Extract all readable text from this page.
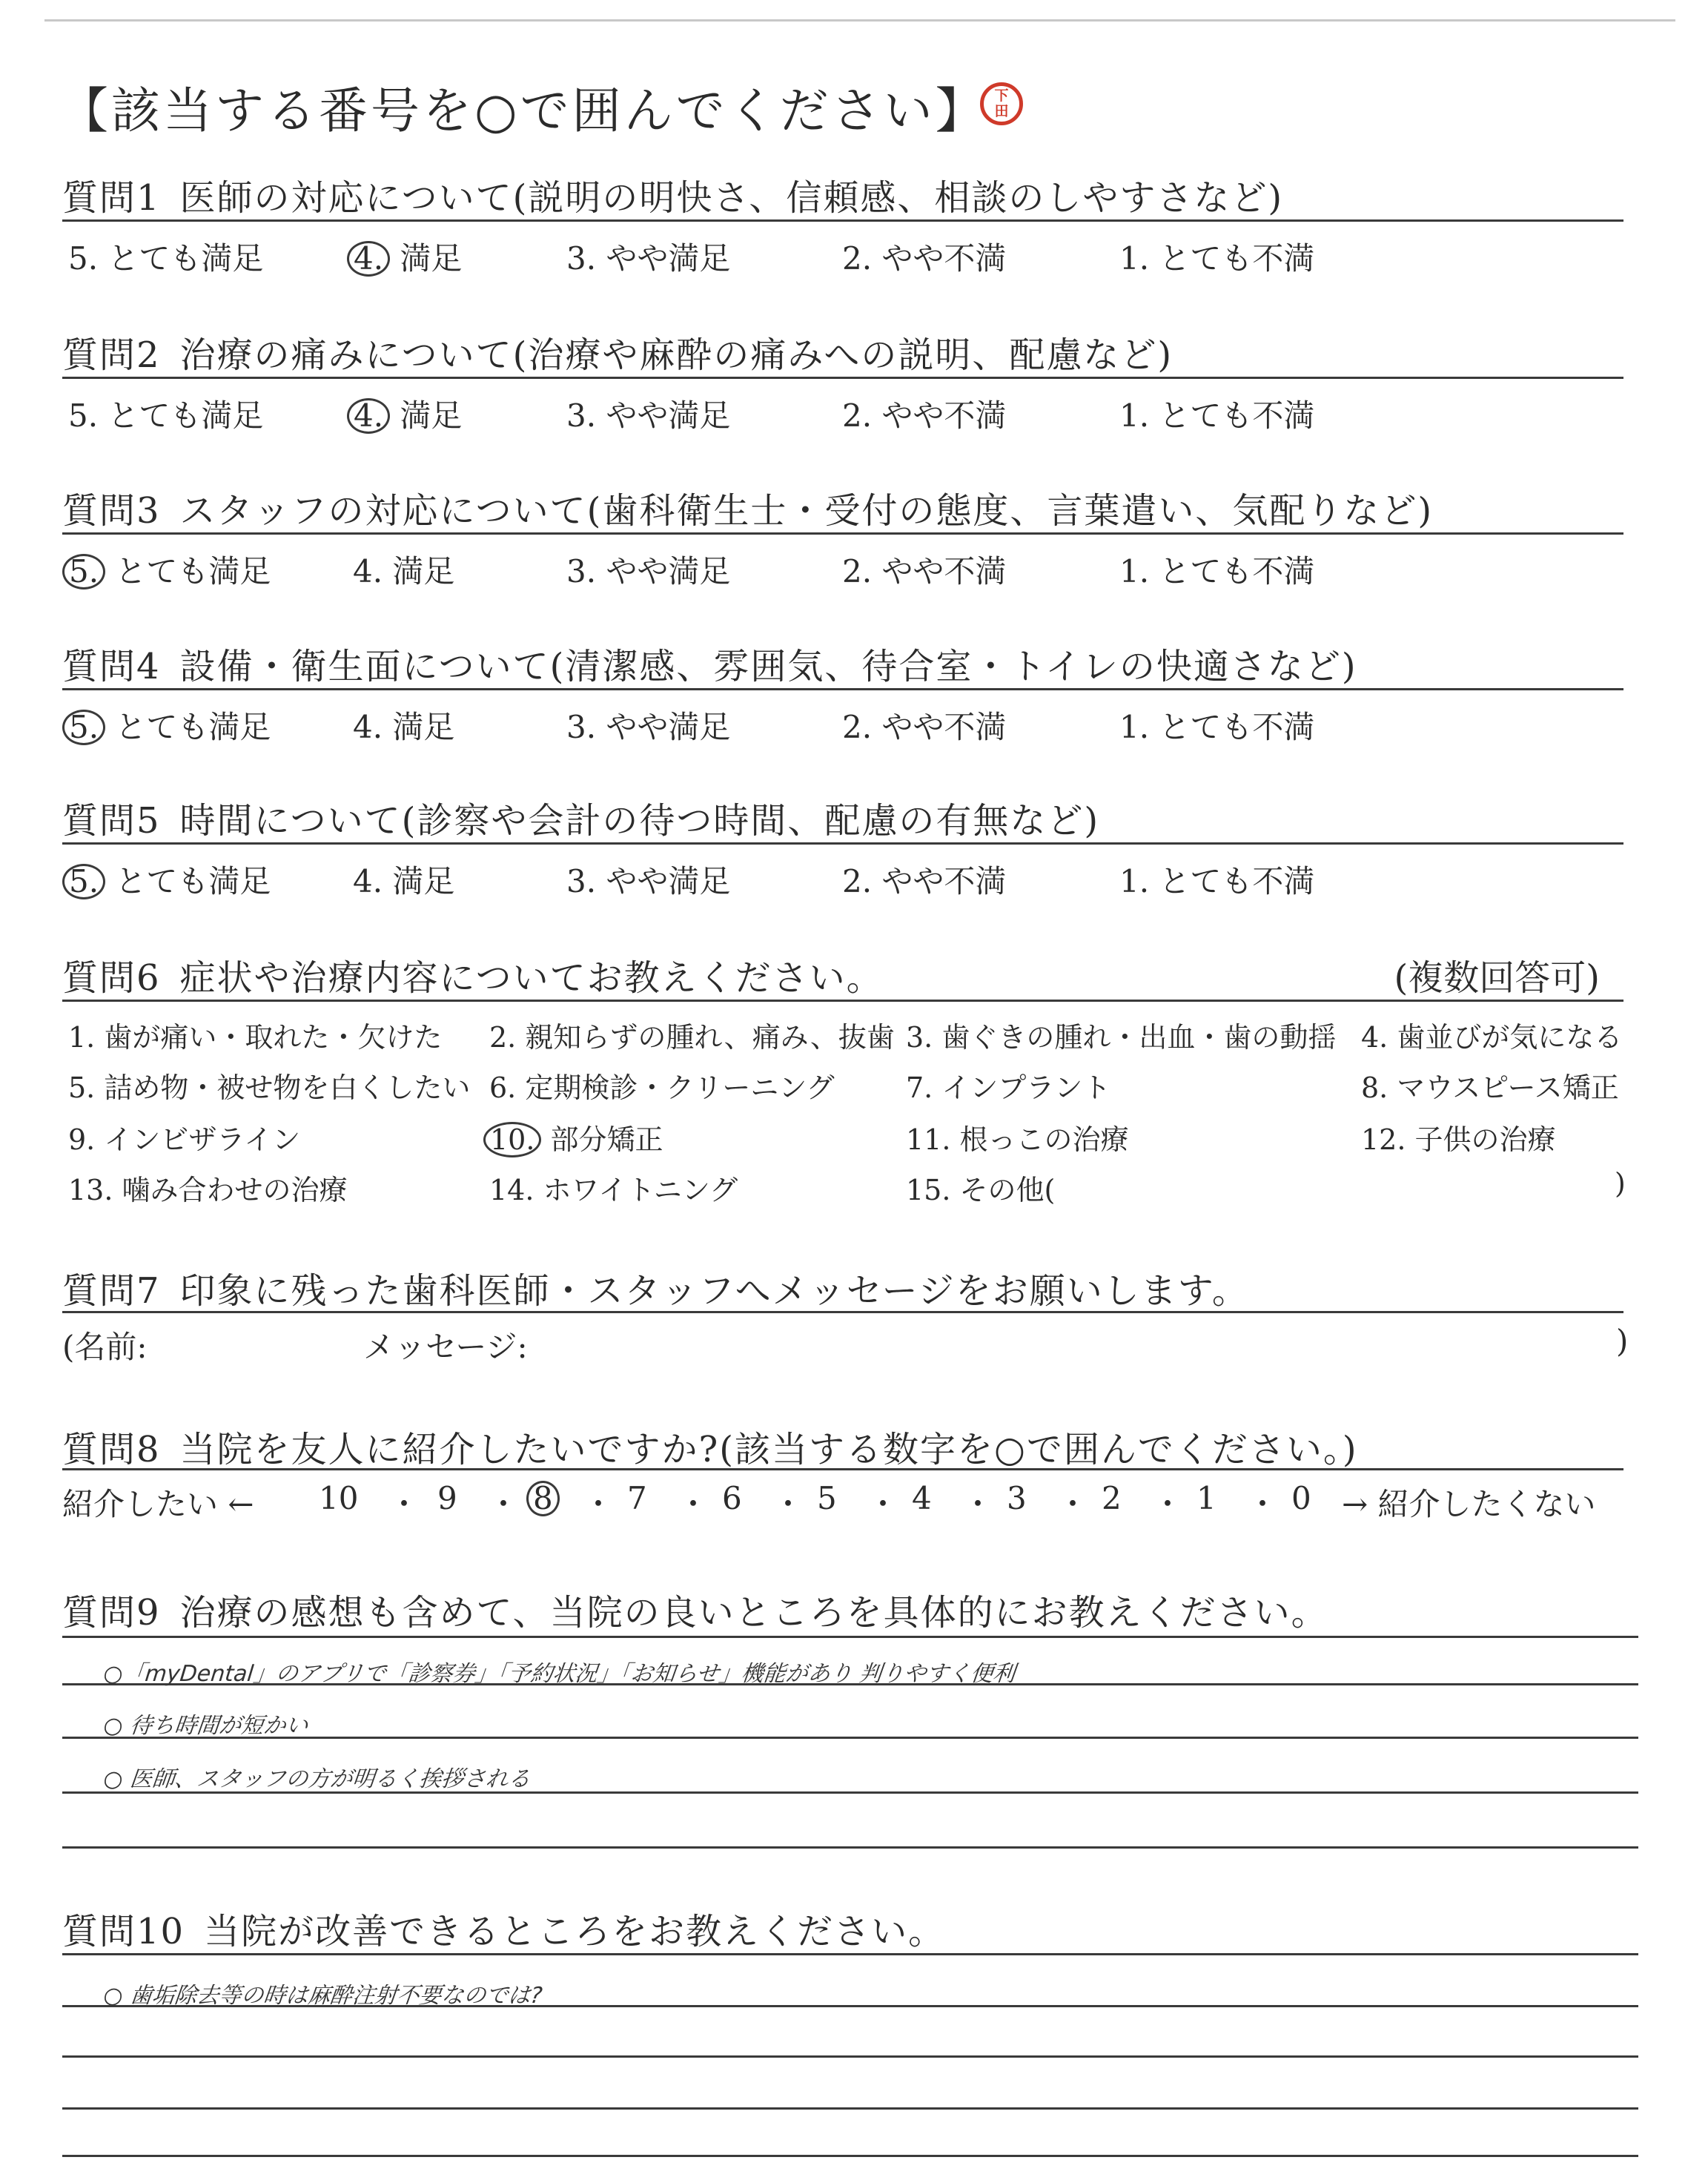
【該当する番号を○で囲んでください】 下
田
質問1 医師の対応について(説明の明快さ、信頼感、相談のしやすさなど)
5. とても満足	4. 満足	3. やや満足	2. やや不満	1. とても不満
質問2 治療の痛みについて(治療や麻酔の痛みへの説明、配慮など)
5. とても満足	4. 満足	3. やや満足	2. やや不満	1. とても不満
質問3 スタッフの対応について(歯科衛生士・受付の態度、言葉遣い、気配りなど)
5. とても満足	4. 満足	3. やや満足	2. やや不満	1. とても不満
質問4 設備・衛生面について(清潔感、雰囲気、待合室・トイレの快適さなど)
5. とても満足	4. 満足	3. やや満足	2. やや不満	1. とても不満
質問5 時間について(診察や会計の待つ時間、配慮の有無など)
5. とても満足	4. 満足	3. やや満足	2. やや不満	1. とても不満
質問6 症状や治療内容についてお教えください。	(複数回答可)
1. 歯が痛い・取れた・欠けた 2. 親知らずの腫れ、痛み、抜歯 3. 歯ぐきの腫れ・出血・歯の動揺 4. 歯並びが気になる
5. 詰め物・被せ物を白くしたい 6. 定期検診・クリーニング	7. インプラント	8. マウスピース矯正
9. インビザライン	10. 部分矯正	11. 根っこの治療	12. 子供の治療
13. 噛み合わせの治療	14. ホワイトニング	15. その他(	)
質問7 印象に残った歯科医師・スタッフへメッセージをお願いします。
(名前:	メッセージ:	)
質問8 当院を友人に紹介したいですか?(該当する数字を○で囲んでください。)
紹介したい ← 10 ・ 9 ・ 8 ・ 7 ・ 6 ・ 5 ・ 4 ・ 3 ・ 2 ・ 1 ・ 0 → 紹介したくない
質問9 治療の感想も含めて、当院の良いところを具体的にお教えください。
○「myDental」のアプリで「診察券」「予約状況」「お知らせ」機能があり 判りやすく便利
○ 待ち時間が短かい
○ 医師、スタッフの方が明るく挨拶される
質問10 当院が改善できるところをお教えください。
○ 歯垢除去等の時は麻酔注射不要なのでは?
